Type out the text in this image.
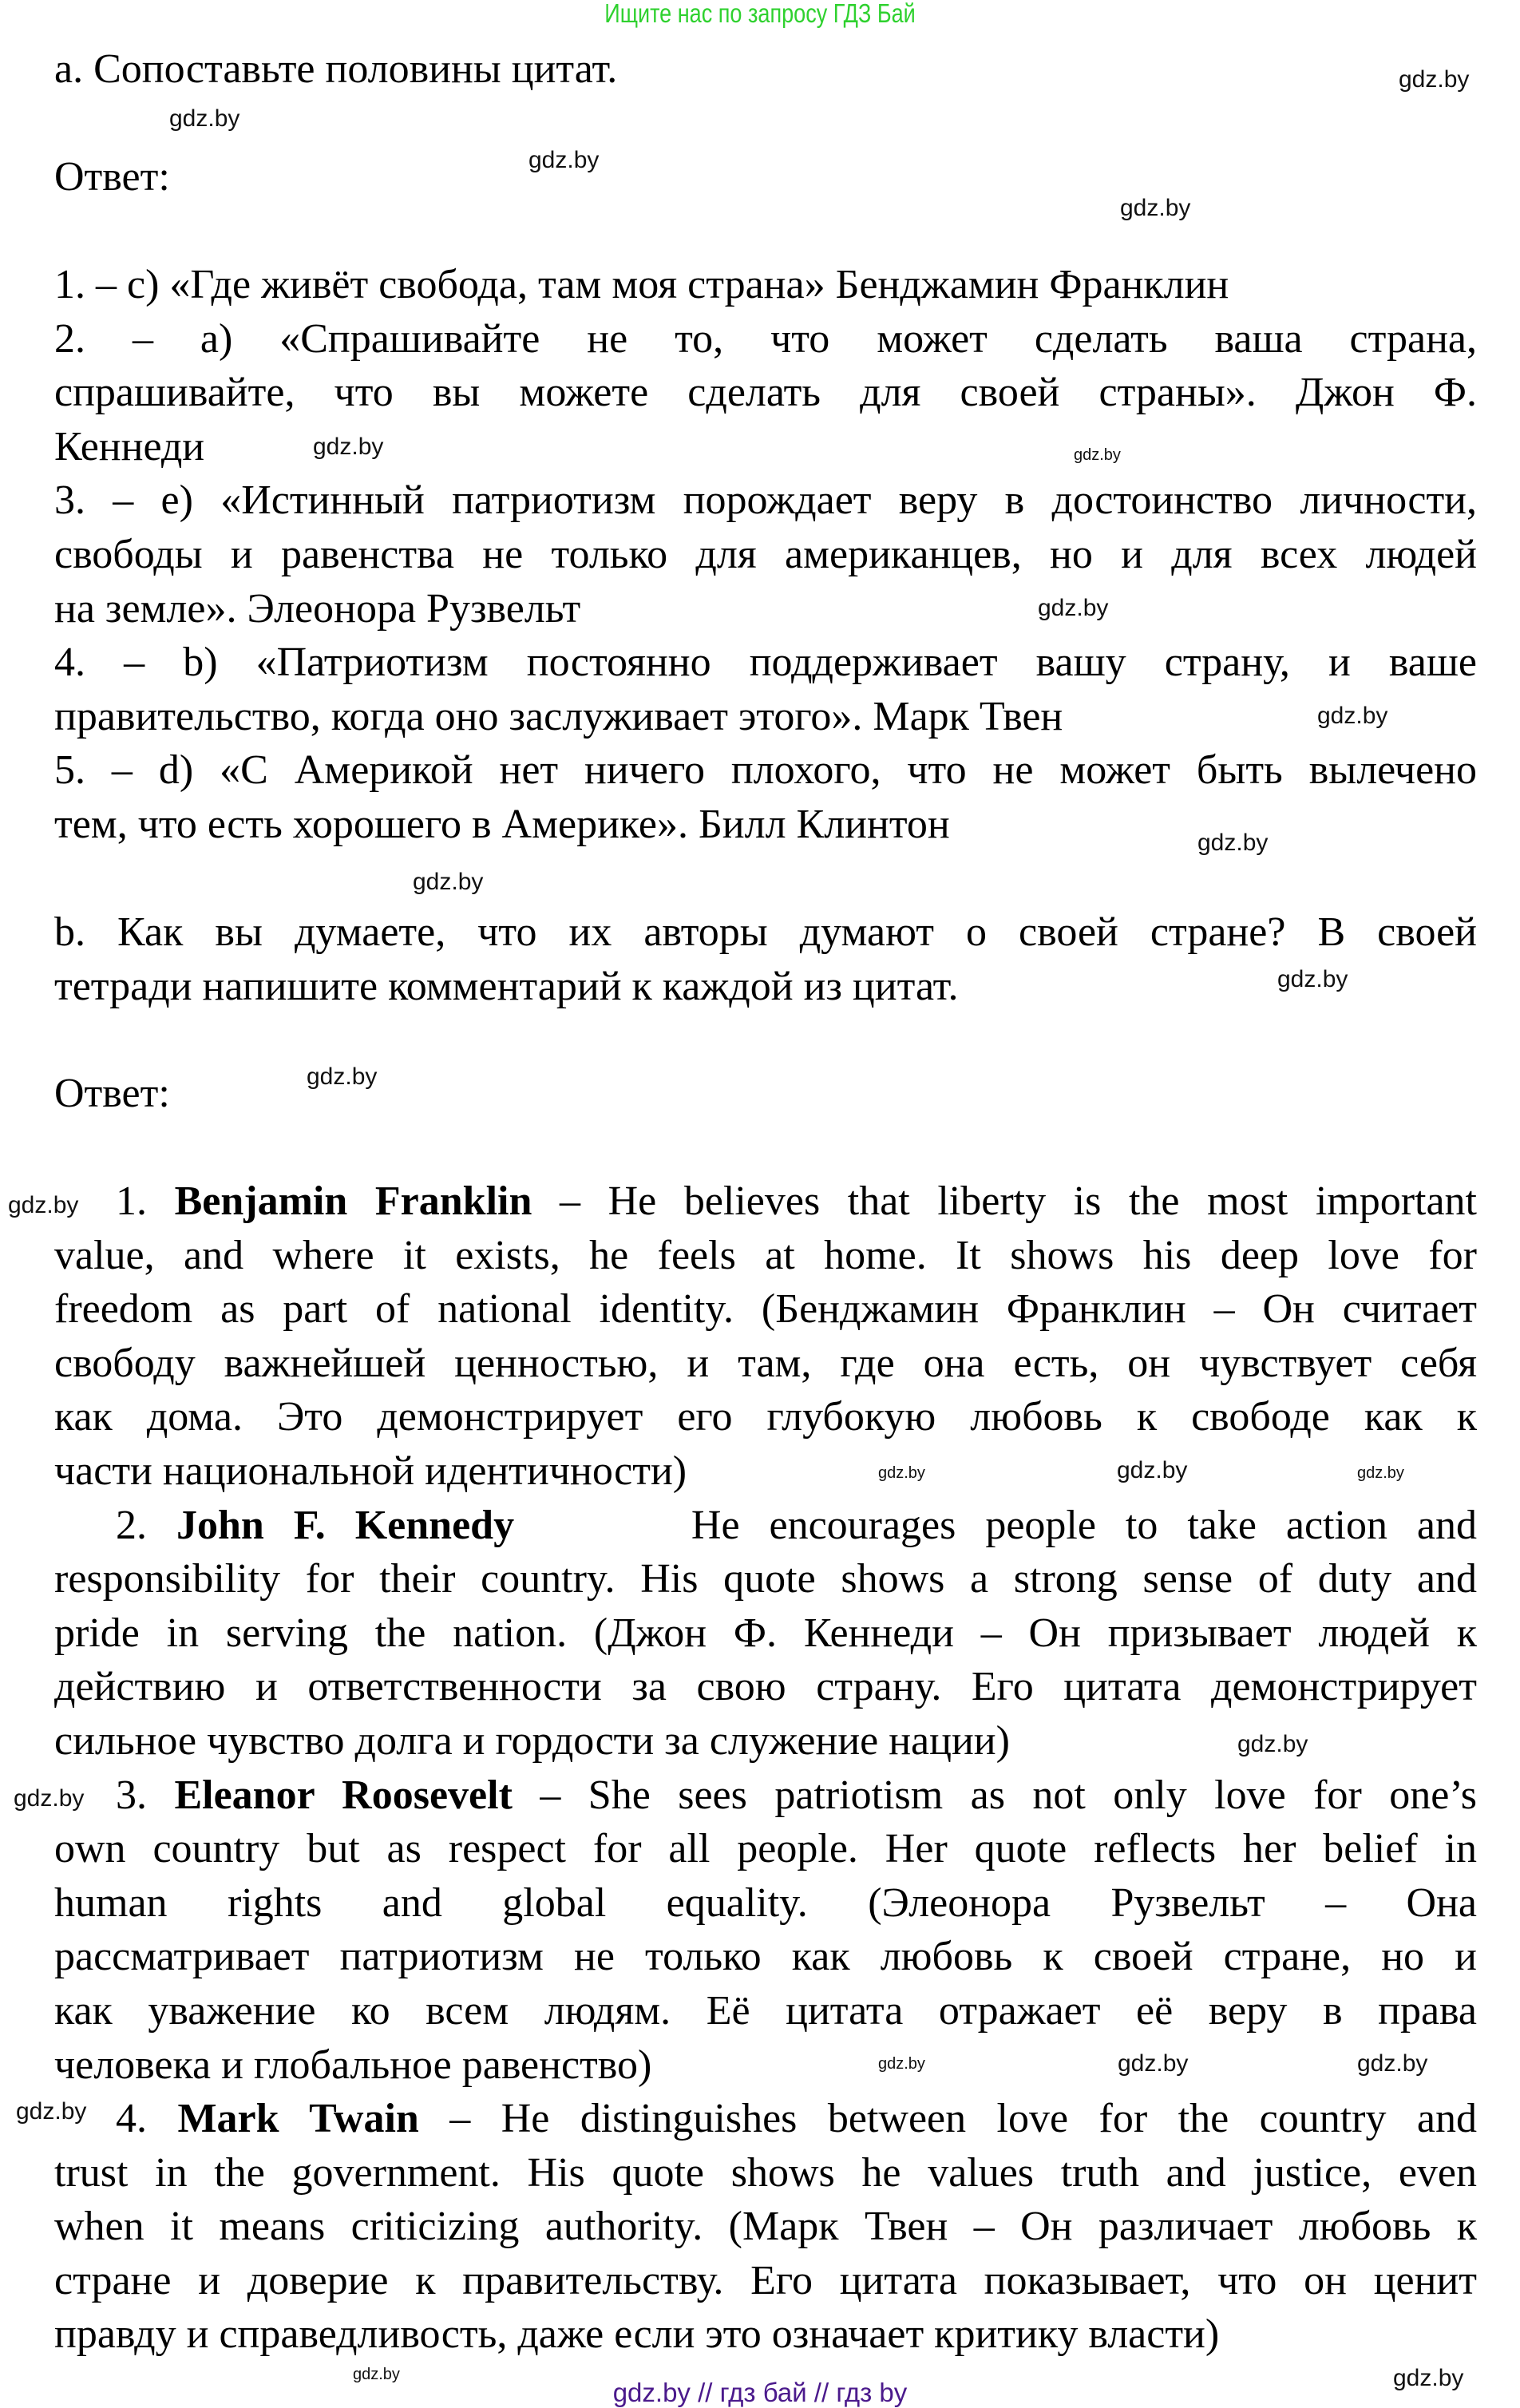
Ищите нас по запросу ГДЗ Бай
a. Сопоставьте половины цитат.
Ответ:
1. – c) «Где живёт свобода, там моя страна» Бенджамин Франклин
2. – a) «Спрашивайте не то, что может сделать ваша страна,
спрашивайте, что вы можете сделать для своей страны». Джон Ф.
Кеннеди
3. – e) «Истинный патриотизм порождает веру в достоинство личности,
свободы и равенства не только для американцев, но и для всех людей
на земле». Элеонора Рузвельт
4. – b) «Патриотизм постоянно поддерживает вашу страну, и ваше
правительство, когда оно заслуживает этого». Марк Твен
5. – d) «С Америкой нет ничего плохого, что не может быть вылечено
тем, что есть хорошего в Америке». Билл Клинтон
b. Как вы думаете, что их авторы думают о своей стране? В своей
тетради напишите комментарий к каждой из цитат.
Ответ:
1. Benjamin Franklin – He believes that liberty is the most important
value, and where it exists, he feels at home. It shows his deep love for
freedom as part of national identity. (Бенджамин Франклин – Он считает
свободу важнейшей ценностью, и там, где она есть, он чувствует себя
как дома. Это демонстрирует его глубокую любовь к свободе как к
части национальной идентичности)
2. John F. Kennedy      He encourages people to take action and
responsibility for their country. His quote shows a strong sense of duty and
pride in serving the nation. (Джон Ф. Кеннеди – Он призывает людей к
действию и ответственности за свою страну. Его цитата демонстрирует
сильное чувство долга и гордости за служение нации)
3. Eleanor Roosevelt – She sees patriotism as not only love for one’s
own country but as respect for all people. Her quote reflects her belief in
human rights and global equality. (Элеонора Рузвельт – Она
рассматривает патриотизм не только как любовь к своей стране, но и
как уважение ко всем людям. Её цитата отражает её веру в права
человека и глобальное равенство)
4. Mark Twain – He distinguishes between love for the country and
trust in the government. His quote shows he values truth and justice, even
when it means criticizing authority. (Марк Твен – Он различает любовь к
стране и доверие к правительству. Его цитата показывает, что он ценит
правду и справедливость, даже если это означает критику власти)
gdz.by
gdz.by
gdz.by
gdz.by
gdz.by	gdz.by
gdz.by
gdz.by
gdz.by
gdz.by
gdz.by
gdz.by
gdz.by
gdz.by	gdz.by
gdz.by
gdz.by
gdz.by
gdz.by
gdz.by
gdz.by
gdz.by
gdz.by	gdz.by
gdz.by // гдз бай // гдз by
